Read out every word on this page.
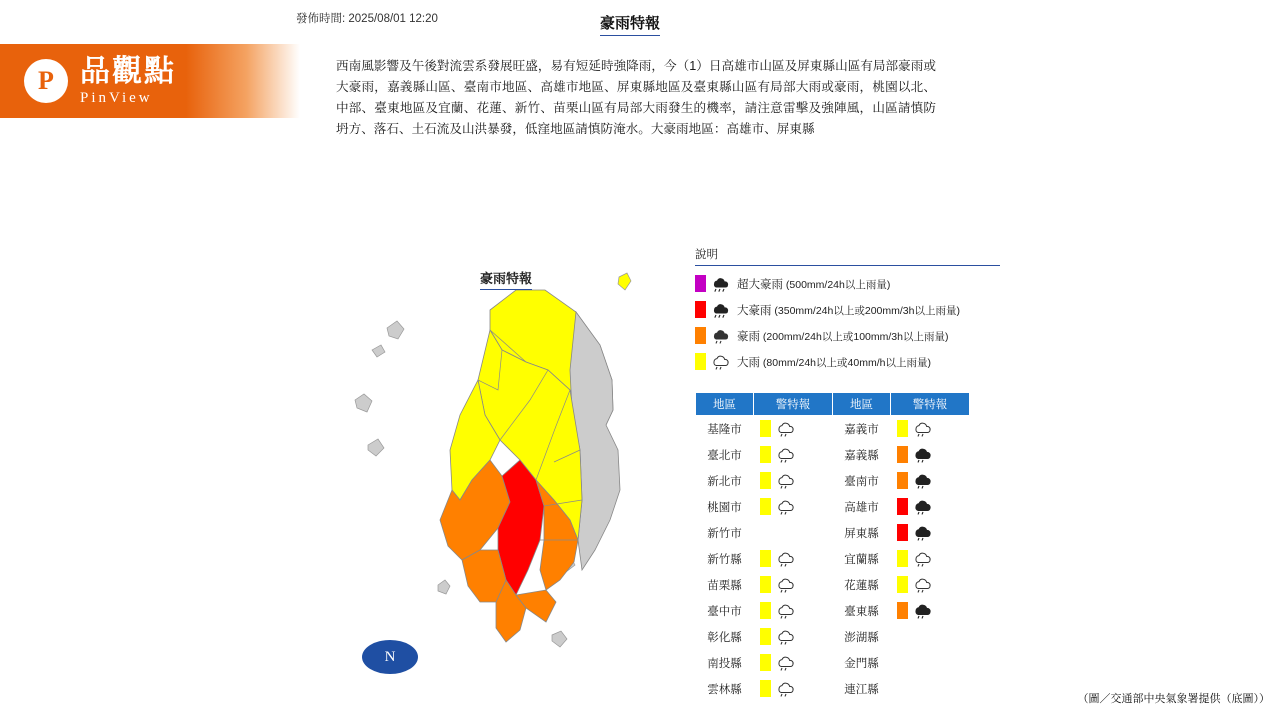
P 品觀點
PinView
發佈時間: 2025/08/01 12:20	豪雨特報
西南風影響及午後對流雲系發展旺盛，易有短延時強降雨，今（1）日高雄市山區及屏東縣山區有局部豪雨或大豪雨，嘉義縣山區、臺南市地區、高雄市地區、屏東縣地區及臺東縣山區有局部大雨或豪雨，桃園以北、中部、臺東地區及宜蘭、花蓮、新竹、苗栗山區有局部大雨發生的機率，請注意雷擊及強陣風，山區請慎防坍方、落石、土石流及山洪暴發，低窪地區請慎防淹水。大豪雨地區：高雄市、屏東縣
豪雨特報
N
說明
超大豪雨 (500mm/24h以上雨量)
大豪雨 (350mm/24h以上或200mm/3h以上雨量)
豪雨 (200mm/24h以上或100mm/3h以上雨量)
大雨 (80mm/24h以上或40mm/h以上雨量)
地區	警特報	地區	警特報
基隆市		嘉義市	

臺北市		嘉義縣	

新北市		臺南市	

桃園市		高雄市	

新竹市		屏東縣	

新竹縣		宜蘭縣	

苗栗縣		花蓮縣	

臺中市		臺東縣	

彰化縣		澎湖縣	

南投縣		金門縣	

雲林縣		連江縣	
（圖／交通部中央氣象署提供（底圖））
